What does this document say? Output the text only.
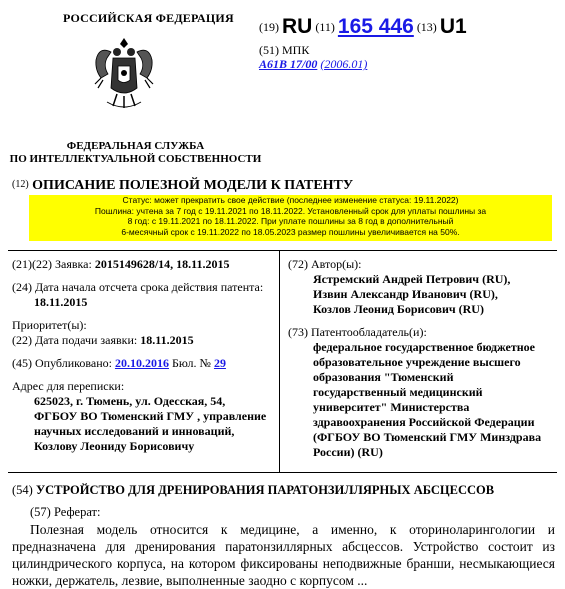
РОССИЙСКАЯ ФЕДЕРАЦИЯ
ФЕДЕРАЛЬНАЯ СЛУЖБА
ПО ИНТЕЛЛЕКТУАЛЬНОЙ СОБСТВЕННОСТИ
(19) RU (11) 165 446 (13) U1
(51) МПК
A61B 17/00 (2006.01)
(12) ОПИСАНИЕ ПОЛЕЗНОЙ МОДЕЛИ К ПАТЕНТУ
Статус: может прекратить свое действие (последнее изменение статуса: 19.11.2022)
Пошлина: учтена за 7 год с 19.11.2021 по 18.11.2022. Установленный срок для уплаты пошлины за
8 год: с 19.11.2021 по 18.11.2022. При уплате пошлины за 8 год в дополнительный
6-месячный срок с 19.11.2022 по 18.05.2023 размер пошлины увеличивается на 50%.
(21)(22) Заявка: 2015149628/14, 18.11.2015
(24) Дата начала отсчета срока действия патента:
18.11.2015
Приоритет(ы):
(22) Дата подачи заявки: 18.11.2015
(45) Опубликовано: 20.10.2016 Бюл. № 29
Адрес для переписки:
625023, г. Тюмень, ул. Одесская, 54,
ФГБОУ ВО Тюменский ГМУ , управление
научных исследований и инноваций,
Козлову Леониду Борисовичу
(72) Автор(ы):
Ястремский Андрей Петрович (RU),
Извин Александр Иванович (RU),
Козлов Леонид Борисович (RU)
(73) Патентообладатель(и):
федеральное государственное бюджетное
образовательное учреждение высшего
образования "Тюменский
государственный медицинский
университет" Министерства
здравоохранения Российской Федерации
(ФГБОУ ВО Тюменский ГМУ Минздрава
России) (RU)
(54) УСТРОЙСТВО ДЛЯ ДРЕНИРОВАНИЯ ПАРАТОНЗИЛЛЯРНЫХ АБСЦЕССОВ
(57) Реферат:
Полезная модель относится к медицине, а именно, к оториноларингологии и предназначена для дренирования паратонзиллярных абсцессов. Устройство состоит из цилиндрического корпуса, на котором фиксированы неподвижные бранши, несмыкающиеся ножки, держатель, лезвие, выполненные заодно с корпусом ...
